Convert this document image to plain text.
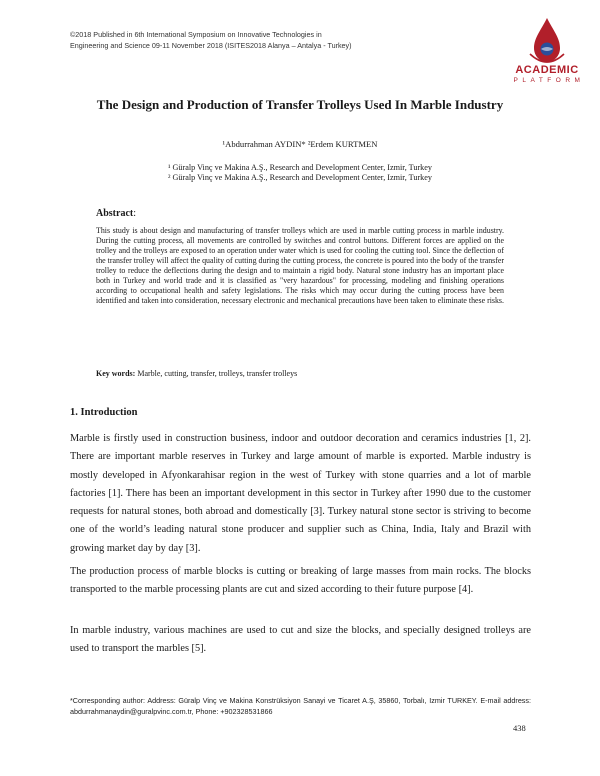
©2018 Published in 6th International Symposium on Innovative Technologies in
Engineering and Science 09-11 November 2018 (ISITES2018 Alanya – Antalya - Turkey)
ACADEMIC
PLATFORM
The Design and Production of Transfer Trolleys Used In Marble Industry
¹Abdurrahman AYDIN* ²Erdem KURTMEN
¹ Güralp Vinç ve Makina A.Ş., Research and Development Center, Izmir, Turkey
² Güralp Vinç ve Makina A.Ş., Research and Development Center, Izmir, Turkey
Abstract:
This study is about design and manufacturing of transfer trolleys which are used in marble cutting process in marble industry. During the cutting process, all movements are controlled by switches and control buttons. Different forces are applied on the trolley and the trolleys are exposed to an operation under water which is used for cooling the cutting tool. Since the deflection of the transfer trolley will affect the quality of cutting during the cutting process, the concrete is poured into the body of the transfer trolley to reduce the deflections during the design and to maintain a rigid body. Natural stone industry has an important place both in Turkey and world trade and it is classified as "very hazardous" for processing, modeling and finishing operations according to occupational health and safety legislations. The risks which may occur during the cutting process have been identified and taken into consideration, necessary electronic and mechanical precautions have been taken to eliminate these risks.
Key words: Marble, cutting, transfer, trolleys, transfer trolleys
1. Introduction
Marble is firstly used in construction business, indoor and outdoor decoration and ceramics industries [1, 2]. There are important marble reserves in Turkey and large amount of marble is exported. Marble industry is mostly developed in Afyonkarahisar region in the west of Turkey with stone quarries and a lot of marble factories [1]. There has been an important development in this sector in Turkey after 1990 due to the customer requests for natural stones, both abroad and domestically [3]. Turkey natural stone sector is striving to become one of the world’s leading natural stone producer and supplier such as China, India, Italy and Brazil with growing market day by day [3].
The production process of marble blocks is cutting or breaking of large masses from main rocks. The blocks transported to the marble processing plants are cut and sized according to their future purpose [4].
In marble industry, various machines are used to cut and size the blocks, and specially designed trolleys are used to transport the marbles [5].
*Corresponding author: Address: Güralp Vinç ve Makina Konstrüksiyon Sanayi ve Ticaret A.Ş, 35860, Torbalı, Izmir TURKEY. E-mail address: abdurrahmanaydin@guralpvinc.com.tr, Phone: +902328531866
438
